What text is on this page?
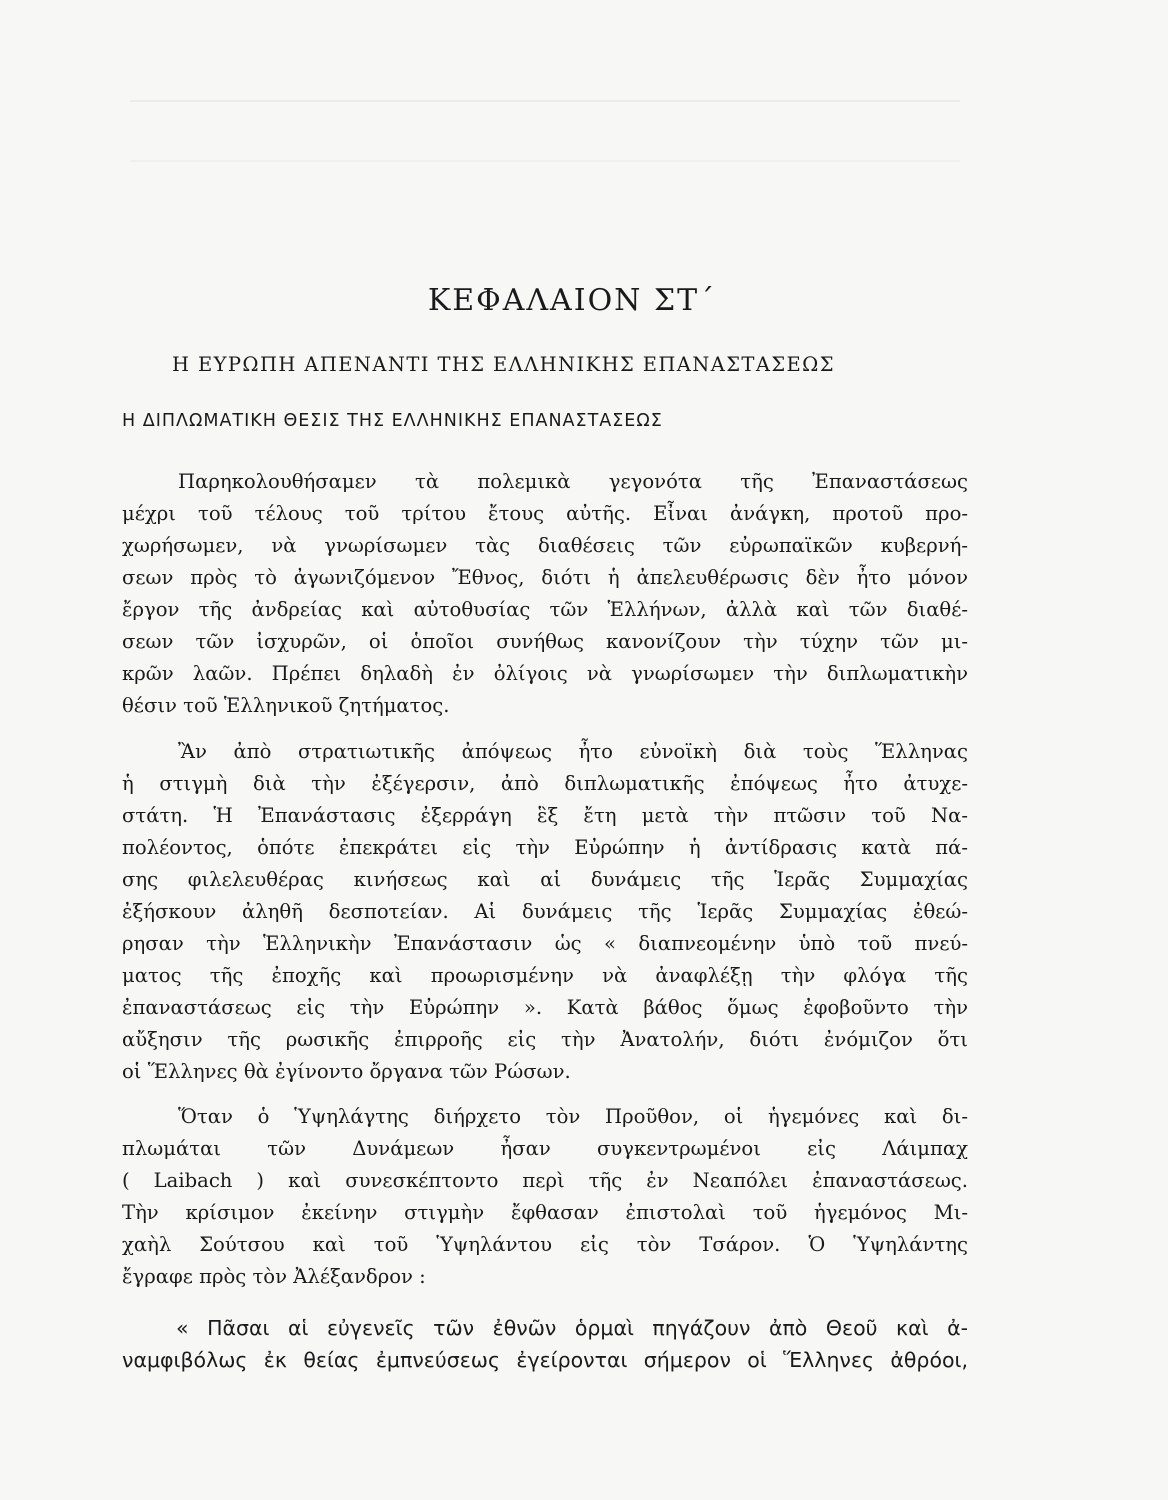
ΚΕΦΑΛΑΙΟΝ ΣΤ΄
Η ΕΥΡΩΠΗ ΑΠΕΝΑΝΤΙ ΤΗΣ ΕΛΛΗΝΙΚΗΣ ΕΠΑΝΑΣΤΑΣΕΩΣ
Η ΔΙΠΛΩΜΑΤΙΚΗ ΘΕΣΙΣ ΤΗΣ ΕΛΛΗΝΙΚΗΣ ΕΠΑΝΑΣΤΑΣΕΩΣ
Παρηκολουθήσαμεν τὰ πολεμικὰ γεγονότα τῆς Ἐπαναστάσεως
μέχρι τοῦ τέλους τοῦ τρίτου ἔτους αὐτῆς. Εἶναι ἀνάγκη, προτοῦ προ-
χωρήσωμεν, νὰ γνωρίσωμεν τὰς διαθέσεις τῶν εὐρωπαϊκῶν κυβερνή-
σεων πρὸς τὸ ἀγωνιζόμενον Ἔθνος, διότι ἡ ἀπελευθέρωσις δὲν ἦτο μόνον
ἔργον τῆς ἀνδρείας καὶ αὐτοθυσίας τῶν Ἑλλήνων, ἀλλὰ καὶ τῶν διαθέ-
σεων τῶν ἰσχυρῶν, οἱ ὁποῖοι συνήθως κανονίζουν τὴν τύχην τῶν μι-
κρῶν λαῶν. Πρέπει δηλαδὴ ἐν ὀλίγοις νὰ γνωρίσωμεν τὴν διπλωματικὴν
θέσιν τοῦ Ἑλληνικοῦ ζητήματος.
Ἂν ἀπὸ στρατιωτικῆς ἀπόψεως ἦτο εὐνοϊκὴ διὰ τοὺς Ἕλληνας
ἡ στιγμὴ διὰ τὴν ἐξέγερσιν, ἀπὸ διπλωματικῆς ἐπόψεως ἦτο ἀτυχε-
στάτη. Ἡ Ἐπανάστασις ἐξερράγη ἓξ ἔτη μετὰ τὴν πτῶσιν τοῦ Να-
πολέοντος, ὁπότε ἐπεκράτει εἰς τὴν Εὐρώπην ἡ ἀντίδρασις κατὰ πά-
σης φιλελευθέρας κινήσεως καὶ αἱ δυνάμεις τῆς Ἱερᾶς Συμμαχίας
ἐξήσκουν ἀληθῆ δεσποτείαν. Αἱ δυνάμεις τῆς Ἱερᾶς Συμμαχίας ἐθεώ-
ρησαν τὴν Ἑλληνικὴν Ἐπανάστασιν ὡς « διαπνεομένην ὑπὸ τοῦ πνεύ-
ματος τῆς ἐποχῆς καὶ προωρισμένην νὰ ἀναφλέξῃ τὴν φλόγα τῆς
ἐπαναστάσεως εἰς τὴν Εὐρώπην ». Κατὰ βάθος ὅμως ἐφοβοῦντο τὴν
αὔξησιν τῆς ρωσικῆς ἐπιρροῆς εἰς τὴν Ἀνατολήν, διότι ἐνόμιζον ὅτι
οἱ Ἕλληνες θὰ ἐγίνοντο ὄργανα τῶν Ρώσων.
Ὅταν ὁ Ὑψηλάγτης διήρχετο τὸν Προῦθον, οἱ ἡγεμόνες καὶ δι-
πλωμάται τῶν Δυνάμεων ἦσαν συγκεντρωμένοι εἰς Λάιμπαχ
( Laibach ) καὶ συνεσκέπτοντο περὶ τῆς ἐν Νεαπόλει ἐπαναστάσεως.
Τὴν κρίσιμον ἐκείνην στιγμὴν ἔφθασαν ἐπιστολαὶ τοῦ ἡγεμόνος Μι-
χαὴλ Σούτσου καὶ τοῦ Ὑψηλάντου εἰς τὸν Τσάρον. Ὁ Ὑψηλάντης
ἔγραφε πρὸς τὸν Ἀλέξανδρον :
« Πᾶσαι αἱ εὐγενεῖς τῶν ἐθνῶν ὁρμαὶ πηγάζουν ἀπὸ Θεοῦ καὶ ἀ-
ναμφιβόλως ἐκ θείας ἐμπνεύσεως ἐγείρονται σήμερον οἱ Ἕλληνες ἀθρόοι,
